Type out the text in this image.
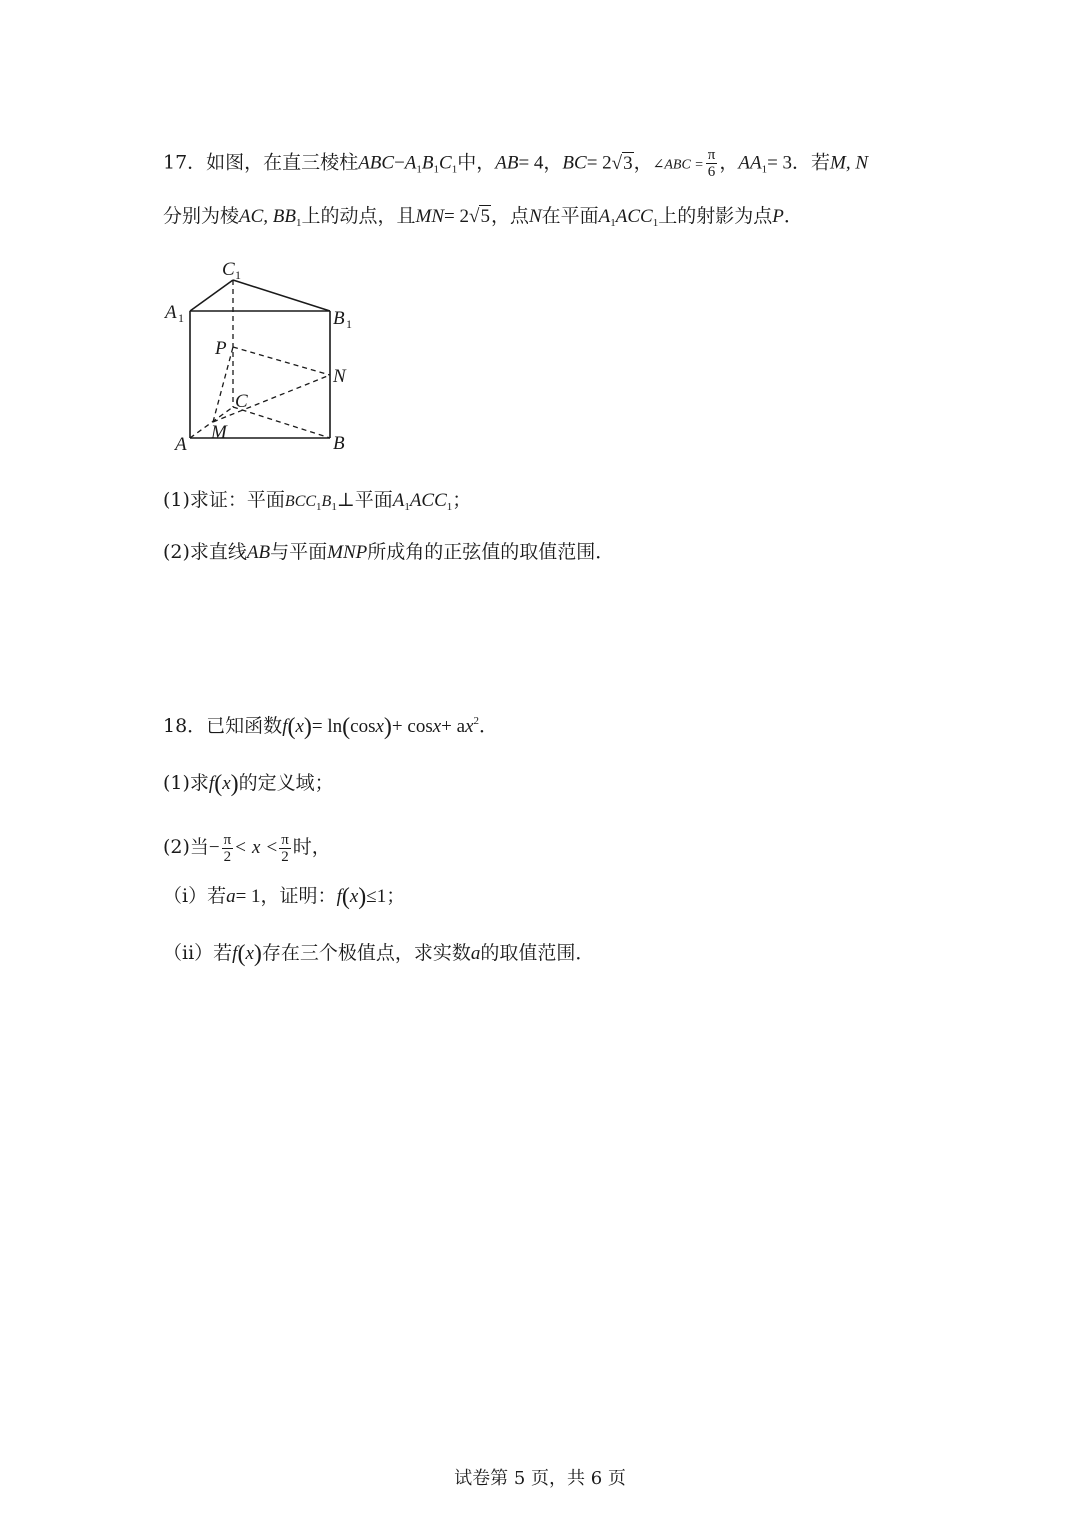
17．如图，在直三棱柱$ABC-A_1B_1C_1$中，AB= 4，BC= 2√3，∠ABC = $\frac{\pi}{6}$ ，$AA_1= 3$．若M, N
分别为棱AC, $BB_1$上的动点，且MN= 2√5，点N在平面$A_1ACC_1$上的射影为点P．
C 1
A 1	B 1
P
N
C
M
A	B
(1)求证：平面$BCC_1B_1\perp$平面$A_1ACC_1$；
(2)求直线AB与平面MNP所成角的正弦值的取值范围．
18．已知函数$f(x)= \ln(\cos x)+ \cos x+ ax^2$．
(1)求f(x)的定义域；
(2)当− $\frac{\pi}{2} < x < \frac{\pi}{2}$ 时，
（i）若a= 1，证明：f(x)≤1；
（ii）若f(x)存在三个极值点，求实数a的取值范围．
试卷第 5 页，共 6 页
